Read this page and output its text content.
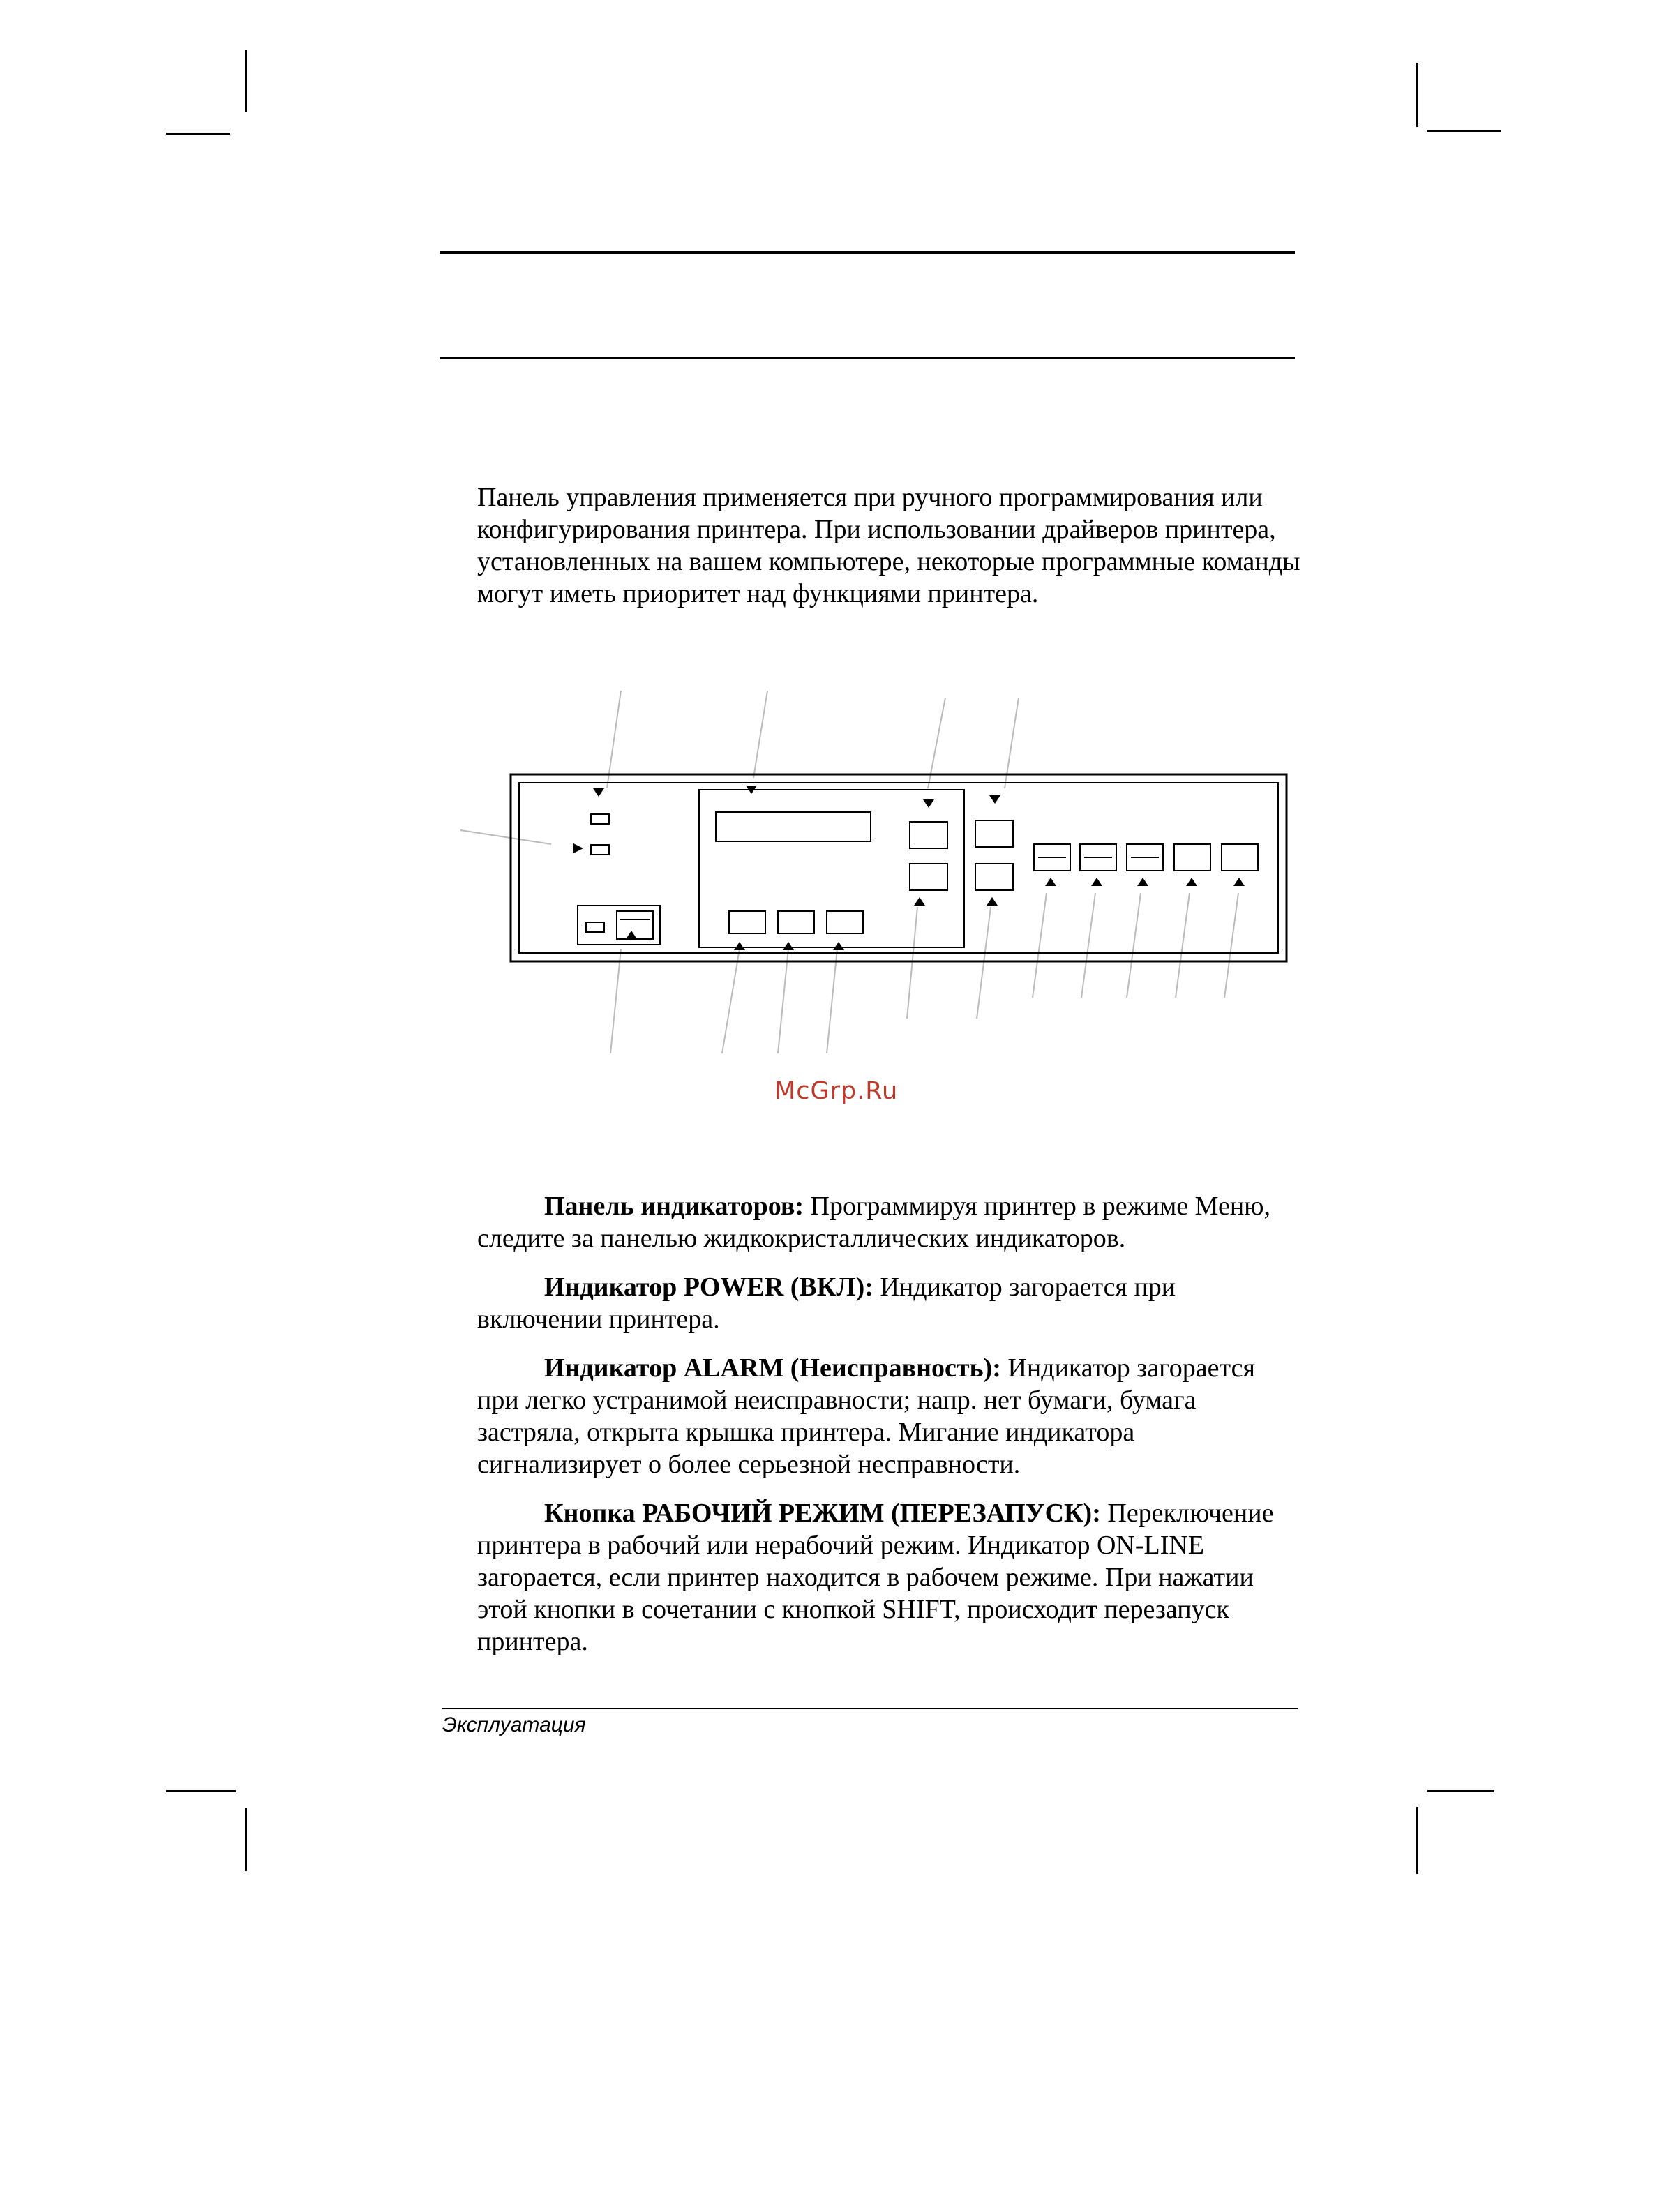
Панель управления применяется при ручного программирования или конфигурирования принтера. При использовании драйверов принтера, установленных на вашем компьютере, некоторые программные команды могут иметь приоритет над функциями принтера.
McGrp.Ru
Панель индикаторов: Программируя принтер в режиме Меню, следите за панелью жидкокристаллических индикаторов.
Индикатор POWER (ВКЛ): Индикатор загорается при включении принтера.
Индикатор ALARM (Неисправность): Индикатор загорается при легко устранимой неисправности; напр. нет бумаги, бумага застряла, открыта крышка принтера. Мигание индикатора сигнализирует о более серьезной несправности.
Кнопка РАБОЧИЙ РЕЖИМ (ПЕРЕЗАПУСК): Переключение принтера в рабочий или нерабочий режим. Индикатор ON-LINE загорается, если принтер находится в рабочем режиме. При нажатии этой кнопки в сочетании с кнопкой SHIFT, происходит перезапуск принтера.
Эксплуатация
